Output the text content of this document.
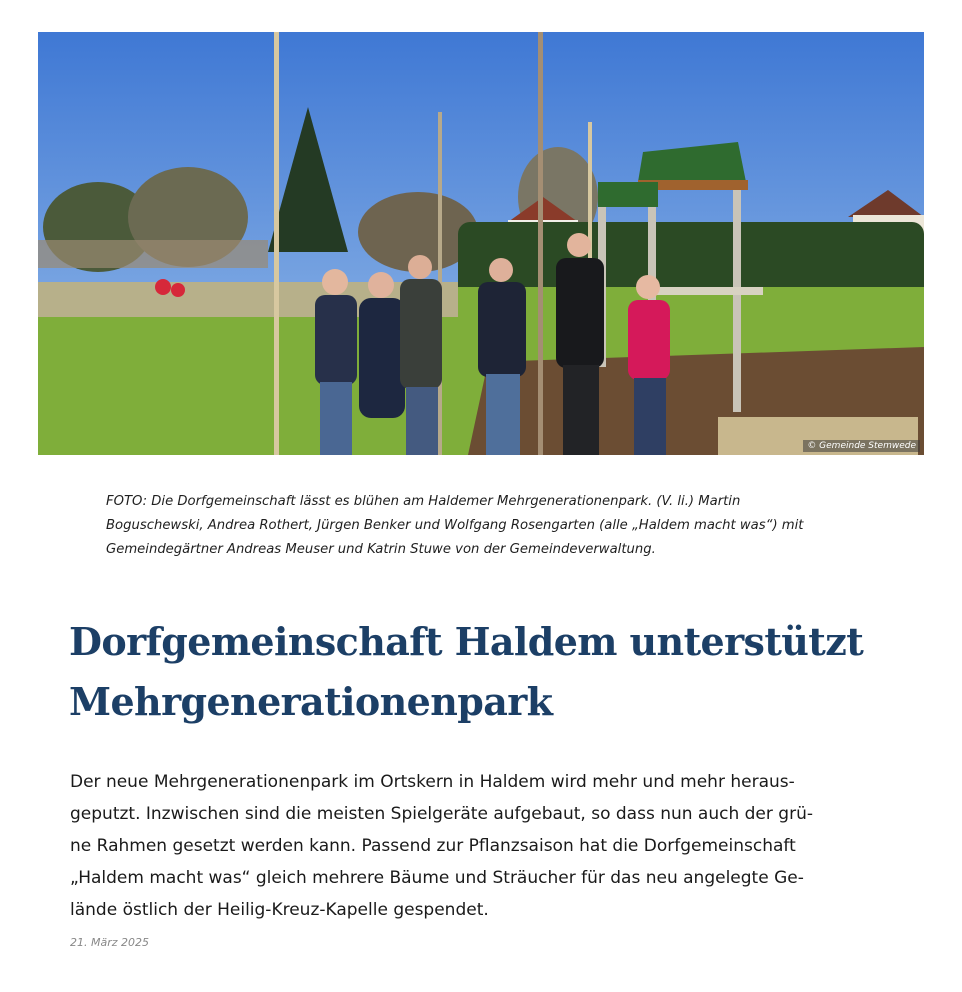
© Gemeinde Stemwede

FOTO: Die Dorfgemeinschaft lässt es blühen am Haldemer Mehrgenerationenpark. (V. li.) Martin
Boguschewski, Andrea Rothert, Jürgen Benker und Wolfgang Rosengarten (alle „Haldem macht was“) mit
Gemeindegärtner Andreas Meuser und Katrin Stuwe von der Gemeindeverwaltung.

Dorfgemeinschaft Haldem unterstützt
Mehrgenerationenpark

Der neue Mehrgenerationenpark im Ortskern in Haldem wird mehr und mehr heraus-
geputzt. Inzwischen sind die meisten Spielgeräte aufgebaut, so dass nun auch der grü-
ne Rahmen gesetzt werden kann. Passend zur Pflanzsaison hat die Dorfgemeinschaft
„Haldem macht was“ gleich mehrere Bäume und Sträucher für das neu angelegte Ge-
lände östlich der Heilig-Kreuz-Kapelle gespendet.

21. März 2025
